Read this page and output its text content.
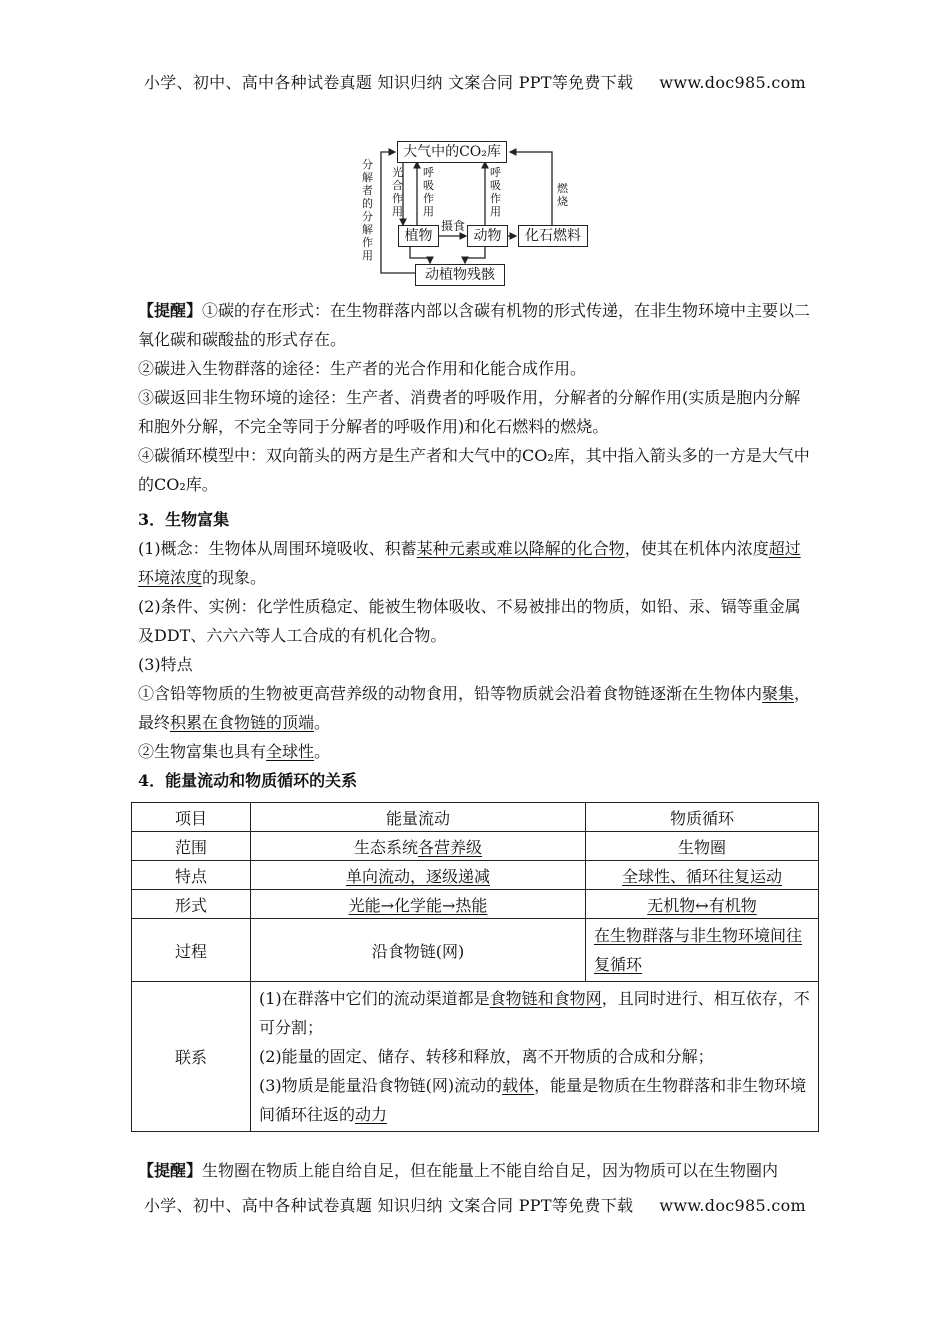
小学、初中、高中各种试卷真题 知识归纳 文案合同 PPT等免费下载 www.doc985.com
大气中的CO₂库
植物	动物	化石燃料
动植物残骸
分解者的分解作用
光合作用
呼吸作用
呼吸作用
燃烧
摄食
【提醒】①碳的存在形式：在生物群落内部以含碳有机物的形式传递，在非生物环境中主要以二氧化碳和碳酸盐的形式存在。
②碳进入生物群落的途径：生产者的光合作用和化能合成作用。
③碳返回非生物环境的途径：生产者、消费者的呼吸作用，分解者的分解作用(实质是胞内分解和胞外分解，不完全等同于分解者的呼吸作用)和化石燃料的燃烧。
④碳循环模型中：双向箭头的两方是生产者和大气中的CO₂库，其中指入箭头多的一方是大气中的CO₂库。
3．生物富集
(1)概念：生物体从周围环境吸收、积蓄某种元素或难以降解的化合物，使其在机体内浓度超过环境浓度的现象。
(2)条件、实例：化学性质稳定、能被生物体吸收、不易被排出的物质，如铅、汞、镉等重金属及DDT、六六六等人工合成的有机化合物。
(3)特点
①含铅等物质的生物被更高营养级的动物食用，铅等物质就会沿着食物链逐渐在生物体内聚集，最终积累在食物链的顶端。
②生物富集也具有全球性。
4．能量流动和物质循环的关系
项目	能量流动	物质循环
范围	生态系统各营养级	生物圈
特点	单向流动，逐级递减	全球性、循环往复运动
形式	光能→化学能→热能	无机物↔有机物
过程	沿食物链(网)	在生物群落与非生物环境间往复循环
联系	(1)在群落中它们的流动渠道都是食物链和食物网，且同时进行、相互依存，不可分割；
(2)能量的固定、储存、转移和释放，离不开物质的合成和分解；
(3)物质是能量沿食物链(网)流动的载体，能量是物质在生物群落和非生物环境间循环往返的动力	
【提醒】生物圈在物质上能自给自足，但在能量上不能自给自足，因为物质可以在生物圈内
小学、初中、高中各种试卷真题 知识归纳 文案合同 PPT等免费下载 www.doc985.com
